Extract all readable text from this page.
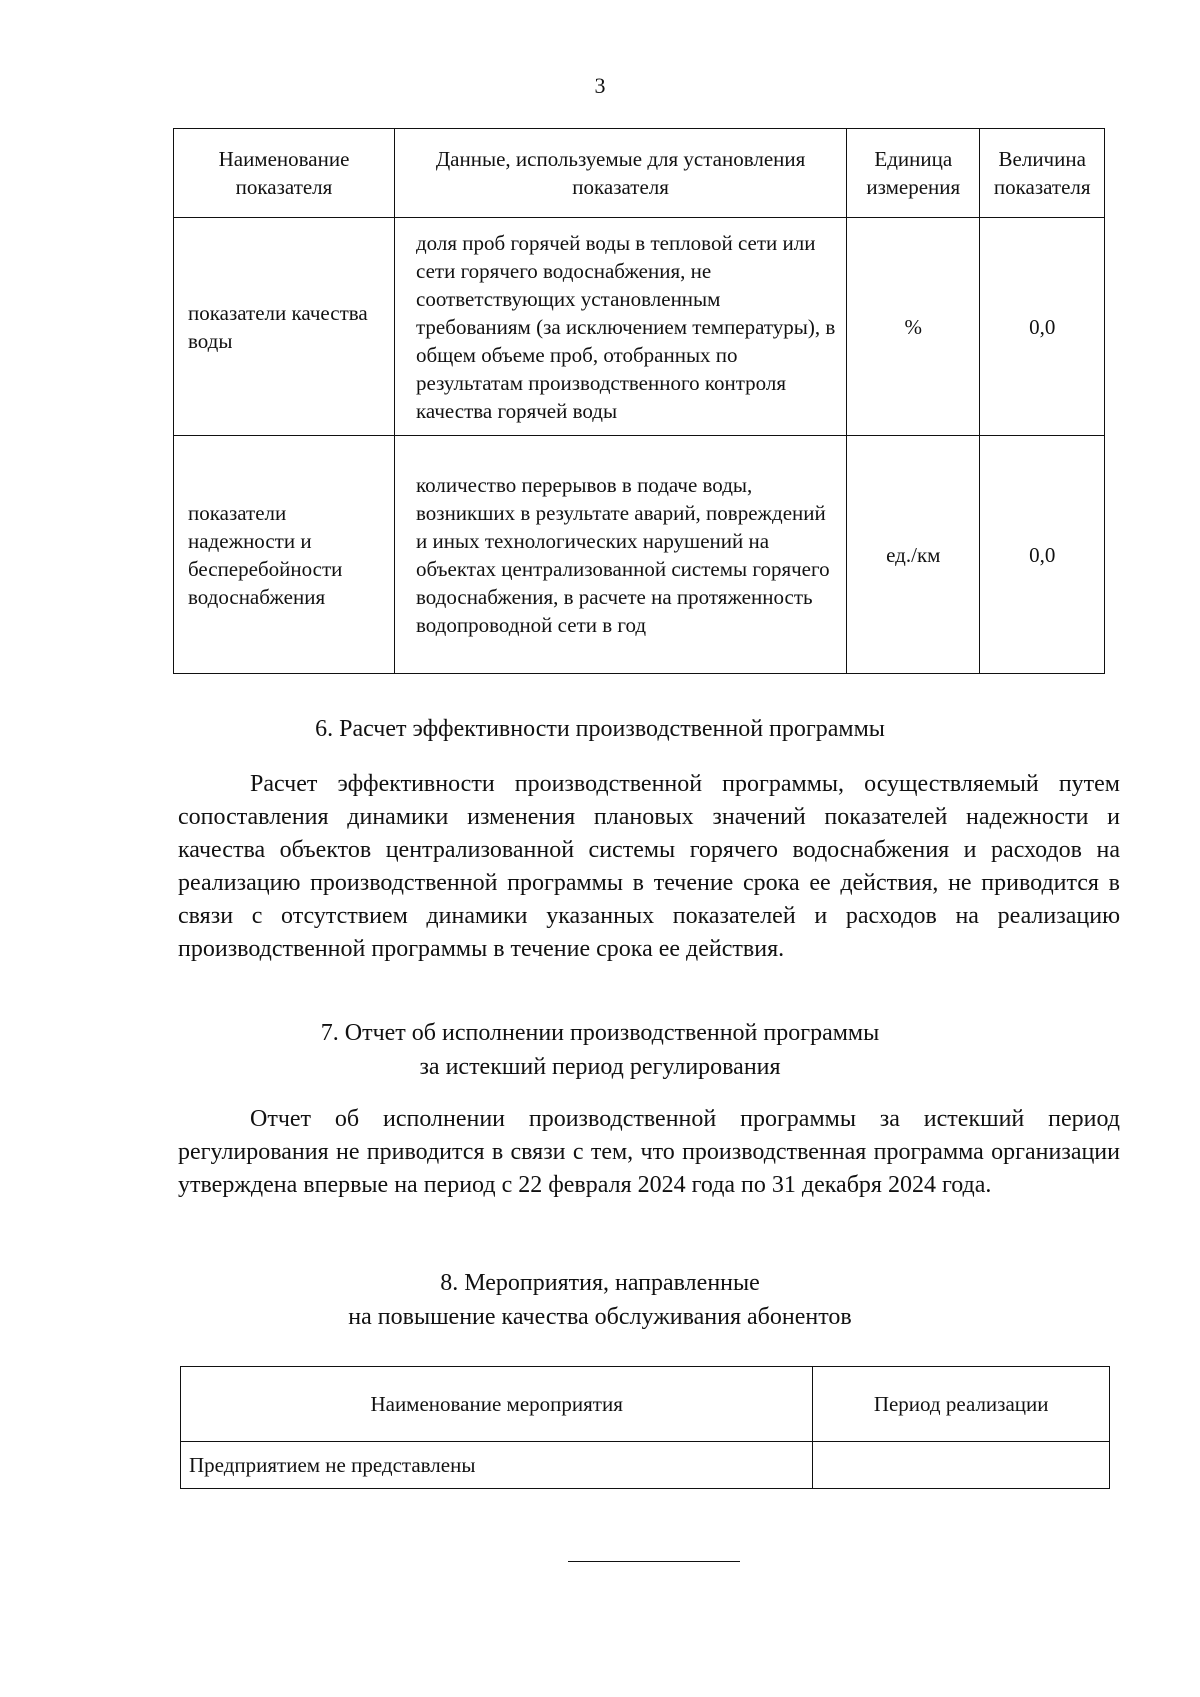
3
Наименование показателя	Данные, используемые для установления показателя	Единица измерения	Величина показателя
показатели качества воды	доля проб горячей воды в тепловой сети или сети горячего водоснабжения, не соответствующих установленным требованиям (за исключением температуры), в общем объеме проб, отобранных по результатам производственного контроля качества горячей воды	%	0,0
показатели надежности и бесперебойности водоснабжения	количество перерывов в подаче воды, возникших в результате аварий, повреждений и иных технологических нарушений на объектах централизованной системы горячего водоснабжения, в расчете на протяженность водопроводной сети в год	ед./км	0,0
6. Расчет эффективности производственной программы
Расчет эффективности производственной программы, осуществляемый путем сопоставления динамики изменения плановых значений показателей надежности и качества объектов централизованной системы горячего водоснабжения и расходов на реализацию производственной программы в течение срока ее действия, не приводится в связи с отсутствием динамики указанных показателей и расходов на реализацию производственной программы в течение срока ее действия.
7. Отчет об исполнении производственной программы
за истекший период регулирования
Отчет об исполнении производственной программы за истекший период регулирования не приводится в связи с тем, что производственная программа организации утверждена впервые на период с 22 февраля 2024 года по 31 декабря 2024 года.
8. Мероприятия, направленные
на повышение качества обслуживания абонентов
Наименование мероприятия	Период реализации
Предприятием не представлены	
